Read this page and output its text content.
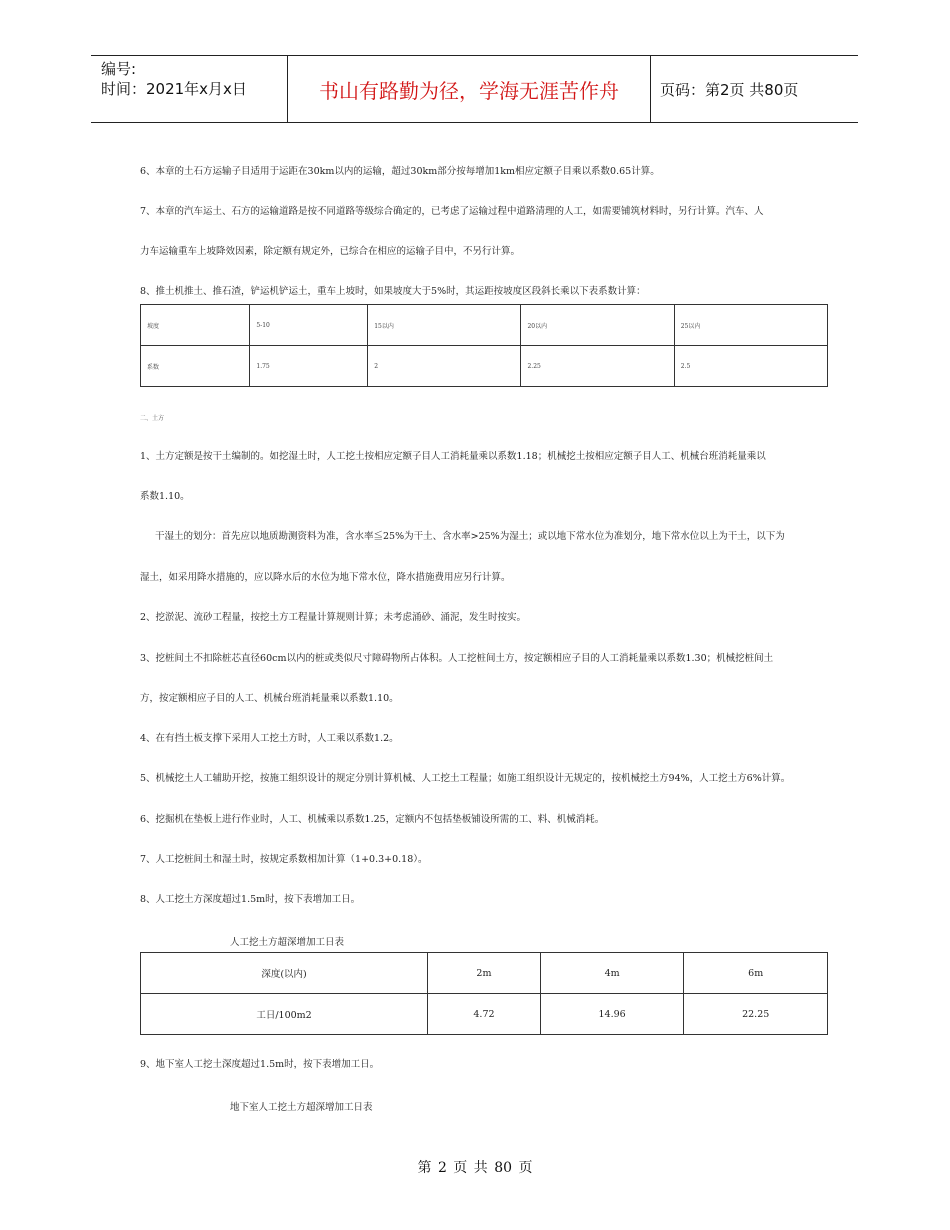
编号:
时间：2021年x月x日	书山有路勤为径，学海无涯苦作舟	页码：第2页 共80页
6、本章的土石方运输子目适用于运距在30km以内的运输，超过30km部分按每增加1km相应定额子目乘以系数0.65计算。
7、本章的汽车运土、石方的运输道路是按不同道路等级综合确定的，已考虑了运输过程中道路清理的人工，如需要铺筑材料时，另行计算。汽车、人
力车运输重车上坡降效因素，除定额有规定外，已综合在相应的运输子目中，不另行计算。
8、推土机推土、推石渣，铲运机铲运土，重车上坡时，如果坡度大于5%时，其运距按坡度区段斜长乘以下表系数计算：
坡度	5-10	15以内	20以内	25以内
系数	1.75	2	2.25	2.5
二、土方
1、土方定额是按干土编制的。如挖湿土时，人工挖土按相应定额子目人工消耗量乘以系数1.18；机械挖土按相应定额子目人工、机械台班消耗量乘以
系数1.10。
干湿土的划分：首先应以地质勘测资料为准，含水率≦25%为干土、含水率>25%为湿土；或以地下常水位为准划分，地下常水位以上为干土，以下为
湿土，如采用降水措施的，应以降水后的水位为地下常水位，降水措施费用应另行计算。
2、挖淤泥、流砂工程量，按挖土方工程量计算规则计算；未考虑涌砂、涌泥，发生时按实。
3、挖桩间土不扣除桩芯直径60cm以内的桩或类似尺寸障碍物所占体积。人工挖桩间土方，按定额相应子目的人工消耗量乘以系数1.30；机械挖桩间土
方，按定额相应子目的人工、机械台班消耗量乘以系数1.10。
4、在有挡土板支撑下采用人工挖土方时，人工乘以系数1.2。
5、机械挖土人工辅助开挖，按施工组织设计的规定分别计算机械、人工挖土工程量；如施工组织设计无规定的，按机械挖土方94%，人工挖土方6%计算。
6、挖掘机在垫板上进行作业时，人工、机械乘以系数1.25，定额内不包括垫板铺设所需的工、料、机械消耗。
7、人工挖桩间土和湿土时，按规定系数相加计算（1+0.3+0.18）。
8、人工挖土方深度超过1.5m时，按下表增加工日。
人工挖土方超深增加工日表
深度(以内)	2m	4m	6m
工日/100m2	4.72	14.96	22.25
9、地下室人工挖土深度超过1.5m时，按下表增加工日。
地下室人工挖土方超深增加工日表
第 2 页 共 80 页
